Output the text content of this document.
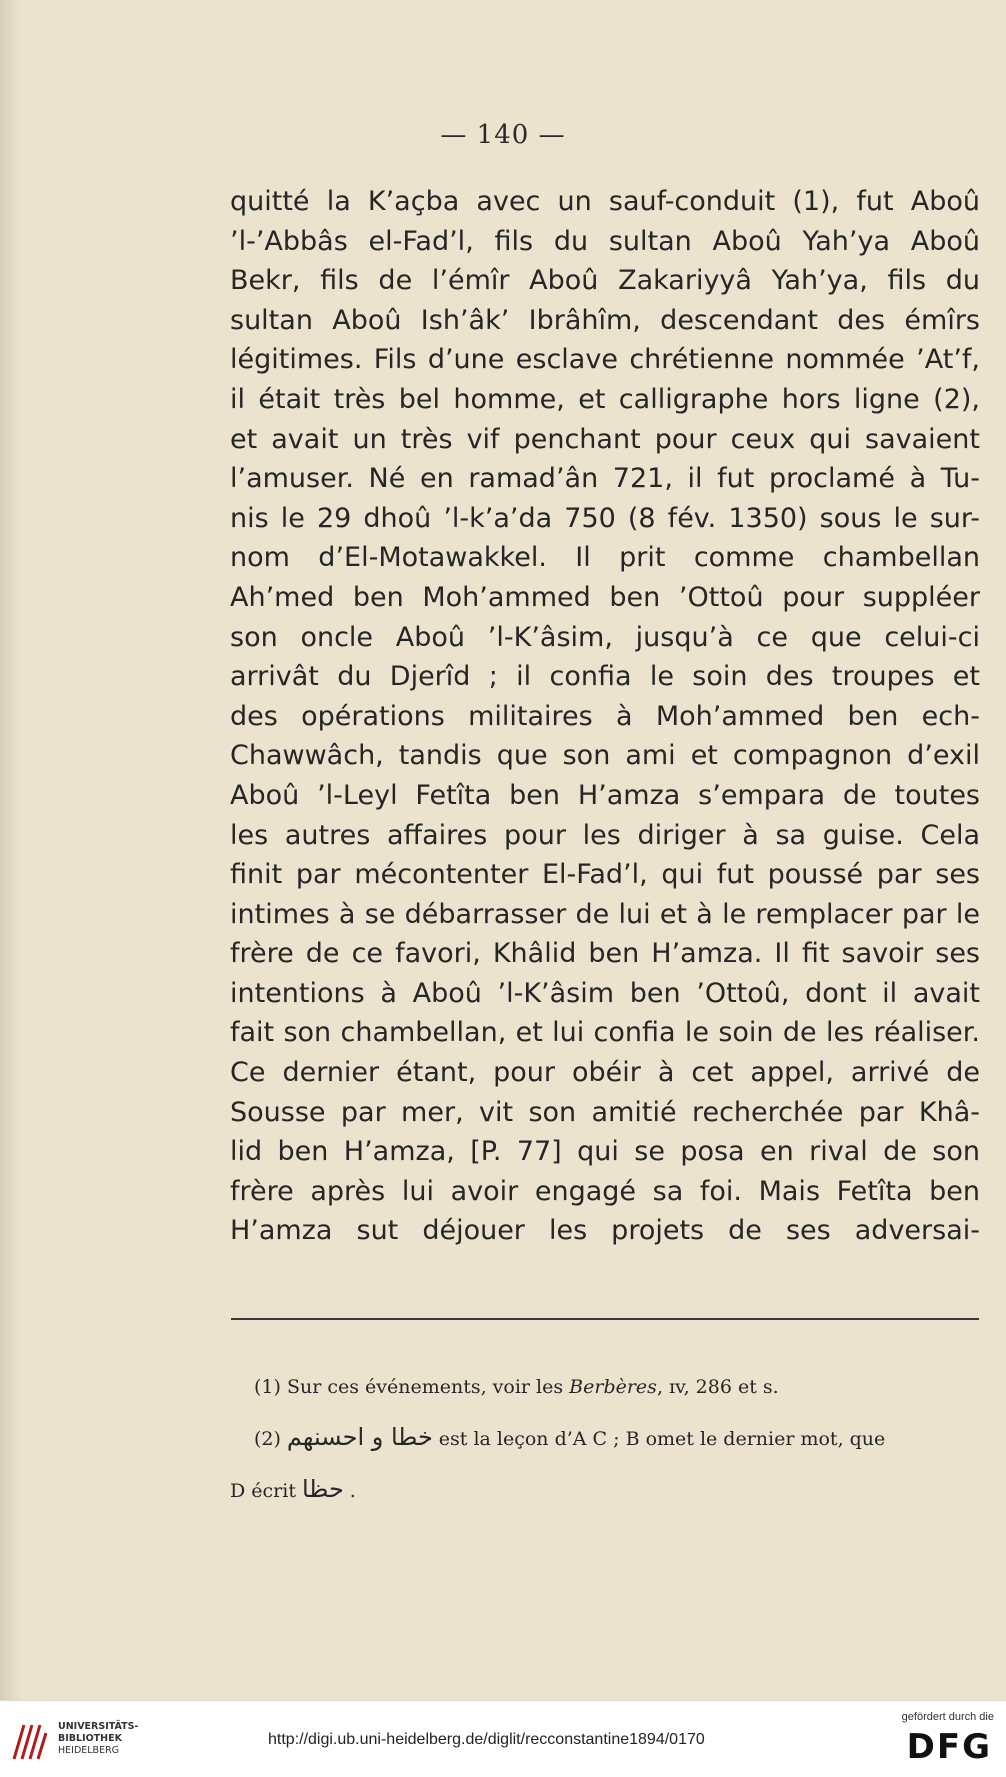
— 140 —
quitté la K’açba avec un sauf-conduit (1), fut Aboû
’l-’Abbâs el-Fad’l, fils du sultan Aboû Yah’ya Aboû
Bekr, fils de l’émîr Aboû Zakariyyâ Yah’ya, fils du
sultan Aboû Ish’âk’ Ibrâhîm, descendant des émîrs
légitimes. Fils d’une esclave chrétienne nommée ’At’f,
il était très bel homme, et calligraphe hors ligne (2),
et avait un très vif penchant pour ceux qui savaient
l’amuser. Né en ramad’ân 721, il fut proclamé à Tu-
nis le 29 dhoû ’l-k’a’da 750 (8 fév. 1350) sous le sur-
nom d’El-Motawakkel. Il prit comme chambellan
Ah’med ben Moh’ammed ben ’Ottoû pour suppléer
son oncle Aboû ’l-K’âsim, jusqu’à ce que celui-ci
arrivât du Djerîd ; il confia le soin des troupes et
des opérations militaires à Moh’ammed ben ech-
Chawwâch, tandis que son ami et compagnon d’exil
Aboû ’l-Leyl Fetîta ben H’amza s’empara de toutes
les autres affaires pour les diriger à sa guise. Cela
finit par mécontenter El-Fad’l, qui fut poussé par ses
intimes à se débarrasser de lui et à le remplacer par le
frère de ce favori, Khâlid ben H’amza. Il fit savoir ses
intentions à Aboû ’l-K’âsim ben ’Ottoû, dont il avait
fait son chambellan, et lui confia le soin de les réaliser.
Ce dernier étant, pour obéir à cet appel, arrivé de
Sousse par mer, vit son amitié recherchée par Khâ-
lid ben H’amza, [P. 77] qui se posa en rival de son
frère après lui avoir engagé sa foi. Mais Fetîta ben
H’amza sut déjouer les projets de ses adversai-
(1) Sur ces événements, voir les Berbères, ɪv, 286 et s.
(2) خطا و احسنهم est la leçon d’A C ; B omet le dernier mot, que
D écrit حظا .
UNIVERSITÄTS-
BIBLIOTHEK
HEIDELBERG
http://digi.ub.uni-heidelberg.de/diglit/recconstantine1894/0170
gefördert durch die
DFG
